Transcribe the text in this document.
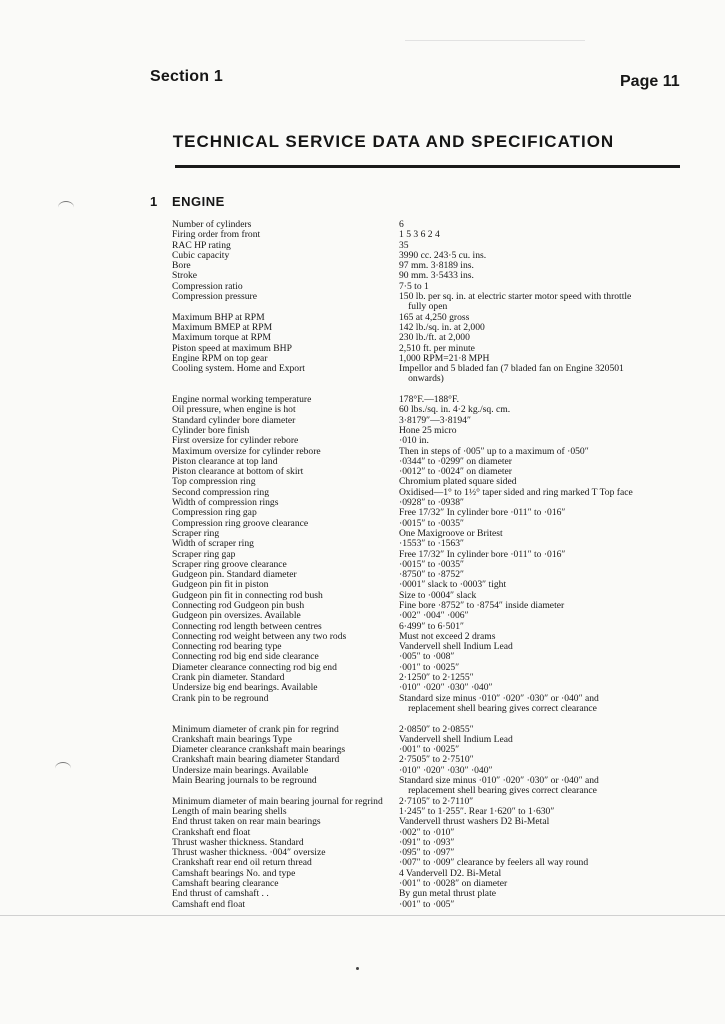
Section 1	Page 11
TECHNICAL SERVICE DATA AND SPECIFICATION
1 ENGINE
Number of cylinders	6
Firing order from front	1 5 3 6 2 4
RAC HP rating	35
Cubic capacity	3990 cc. 243·5 cu. ins.
Bore	97 mm. 3·8189 ins.
Stroke	90 mm. 3·5433 ins.
Compression ratio	7·5 to 1
Compression pressure	150 lb. per sq. in. at electric starter motor speed with throttle
fully open
Maximum BHP at RPM	165 at 4,250 gross
Maximum BMEP at RPM	142 lb./sq. in. at 2,000
Maximum torque at RPM	230 lb./ft. at 2,000
Piston speed at maximum BHP	2,510 ft. per minute
Engine RPM on top gear	1,000 RPM=21·8 MPH
Cooling system. Home and Export	Impellor and 5 bladed fan (7 bladed fan on Engine 320501
onwards)
Engine normal working temperature	178°F.—188°F.
Oil pressure, when engine is hot	60 lbs./sq. in. 4·2 kg./sq. cm.
Standard cylinder bore diameter	3·8179″—3·8194″
Cylinder bore finish	Hone 25 micro
First oversize for cylinder rebore	·010 in.
Maximum oversize for cylinder rebore	Then in steps of ·005″ up to a maximum of ·050″
Piston clearance at top land	·0344″ to ·0299″ on diameter
Piston clearance at bottom of skirt	·0012″ to ·0024″ on diameter
Top compression ring	Chromium plated square sided
Second compression ring	Oxidised—1° to 1½° taper sided and ring marked T Top face
Width of compression rings	·0928″ to ·0938″
Compression ring gap	Free 17/32″ In cylinder bore ·011″ to ·016″
Compression ring groove clearance	·0015″ to ·0035″
Scraper ring	One Maxigroove or Britest
Width of scraper ring	·1553″ to ·1563″
Scraper ring gap	Free 17/32″ In cylinder bore ·011″ to ·016″
Scraper ring groove clearance	·0015″ to ·0035″
Gudgeon pin. Standard diameter	·8750″ to ·8752″
Gudgeon pin fit in piston	·0001″ slack to ·0003″ tight
Gudgeon pin fit in connecting rod bush	Size to ·0004″ slack
Connecting rod Gudgeon pin bush	Fine bore ·8752″ to ·8754″ inside diameter
Gudgeon pin oversizes. Available	·002″ ·004″ ·006″
Connecting rod length between centres	6·499″ to 6·501″
Connecting rod weight between any two rods	Must not exceed 2 drams
Connecting rod bearing type	Vandervell shell Indium Lead
Connecting rod big end side clearance	·005″ to ·008″
Diameter clearance connecting rod big end	·001″ to ·0025″
Crank pin diameter. Standard	2·1250″ to 2·1255″
Undersize big end bearings. Available	·010″ ·020″ ·030″ ·040″
Crank pin to be reground	Standard size minus ·010″ ·020″ ·030″ or ·040″ and
replacement shell bearing gives correct clearance
Minimum diameter of crank pin for regrind	2·0850″ to 2·0855″
Crankshaft main bearings Type	Vandervell shell Indium Lead
Diameter clearance crankshaft main bearings	·001″ to ·0025″
Crankshaft main bearing diameter Standard	2·7505″ to 2·7510″
Undersize main bearings. Available	·010″ ·020″ ·030″ ·040″
Main Bearing journals to be reground	Standard size minus ·010″ ·020″ ·030″ or ·040″ and
replacement shell bearing gives correct clearance
Minimum diameter of main bearing journal for regrind	2·7105″ to 2·7110″
Length of main bearing shells	1·245″ to 1·255″. Rear 1·620″ to 1·630″
End thrust taken on rear main bearings	Vandervell thrust washers D2 Bi-Metal
Crankshaft end float	·002″ to ·010″
Thrust washer thickness. Standard	·091″ to ·093″
Thrust washer thickness. ·004″ oversize	·095″ to ·097″
Crankshaft rear end oil return thread	·007″ to ·009″ clearance by feelers all way round
Camshaft bearings No. and type	4 Vandervell D2. Bi-Metal
Camshaft bearing clearance	·001″ to ·0028″ on diameter
End thrust of camshaft . .	By gun metal thrust plate
Camshaft end float	·001″ to ·005″
